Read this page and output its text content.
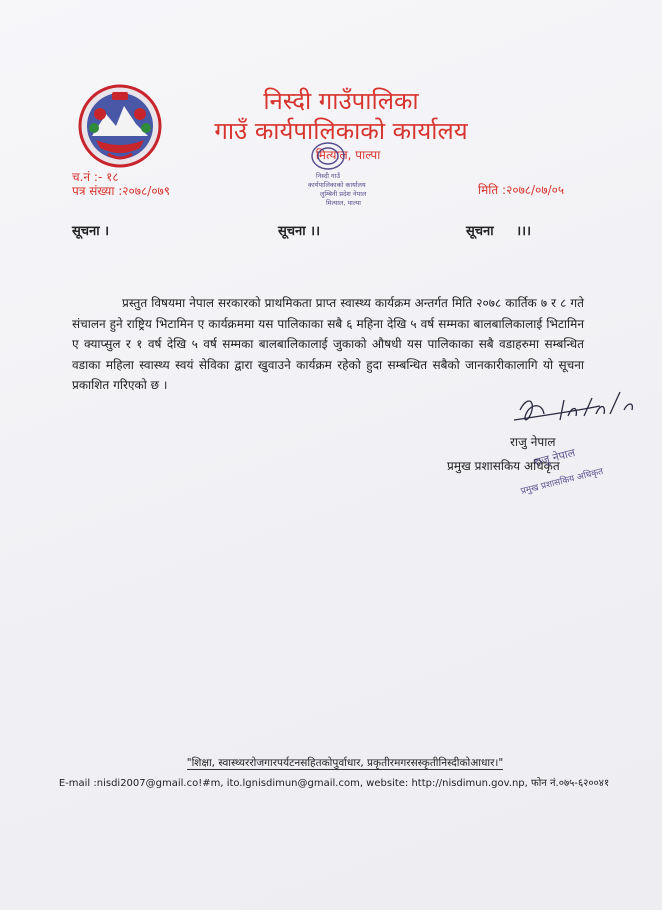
निस्दी गाउँपालिका
गाउँ कार्यपालिकाको कार्यालय
मित्याल, पाल्पा
निस्दी गाउँ
कार्यपालिकाको कार्यालय
लुम्बिनी प्रदेश नेपाल
मित्याल, पाल्पा
च.नं :- १८
पत्र संख्या :२०७८/०७९	मिति :२०७८/०७/०५
सूचना ।	सूचना ।।	सूचना     ।।।
प्रस्तुत विषयमा नेपाल सरकारको प्राथमिकता प्राप्त स्वास्थ्य कार्यक्रम अन्तर्गत मिति २०७८ कार्तिक ७ र ८ गते संचालन हुने राष्ट्रिय भिटामिन ए कार्यक्रममा यस पालिकाका सबै ६ महिना देखि ५ वर्ष सम्मका बालबालिकालाई भिटामिन ए क्याप्सुल र १ वर्ष देखि ५ वर्ष सम्मका बालबालिकालाई जुकाको औषधी यस पालिकाका सबै वडाहरुमा सम्बन्धित वडाका महिला स्वास्थ्य स्वयं सेविका द्वारा खुवाउने कार्यक्रम रहेको हुदा सम्बन्धित सबैको जानकारीकालागि यो सूचना प्रकाशित गरिएको छ ।
राजु नेपाल
प्रमुख प्रशासकिय अधिकृत
राजु नेपाल
प्रमुख प्रशासकिय अधिकृत
"शिक्षा, स्वास्थ्यररोजगारपर्यटनसहितकोपुर्वाधार, प्रकृतीरमगरसस्कृतीनिस्दीकोआधार।"
E-mail :nisdi2007@gmail.co!#m, ito.lgnisdimun@gmail.com, website: http://nisdimun.gov.np, फोन नं.०७५-६२००४१
